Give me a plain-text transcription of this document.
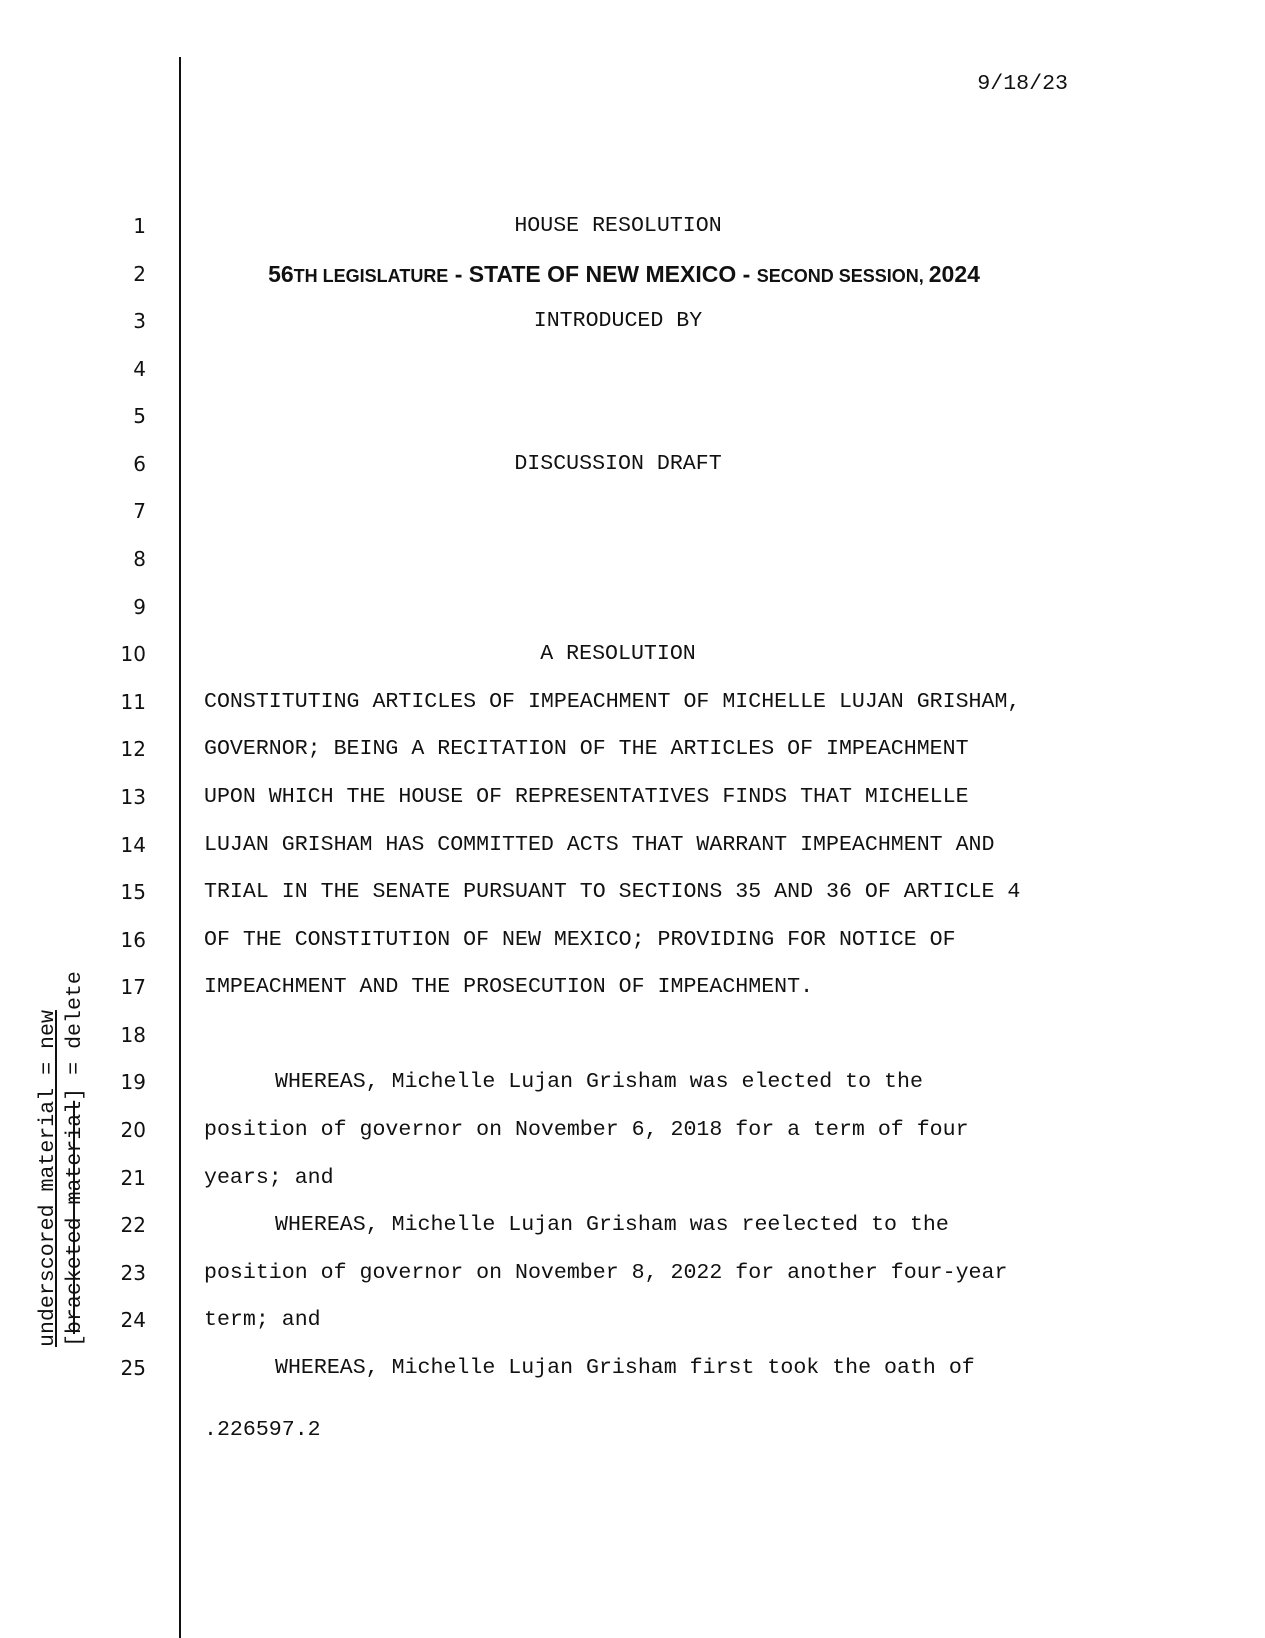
9/18/23
underscored material = new [bracketed material] = delete
1	HOUSE RESOLUTION
2	56TH LEGISLATURE - STATE OF NEW MEXICO - SECOND SESSION, 2024
3	INTRODUCED BY
4
5
6	DISCUSSION DRAFT
7
8
9
10	A RESOLUTION
11	CONSTITUTING ARTICLES OF IMPEACHMENT OF MICHELLE LUJAN GRISHAM,
12	GOVERNOR; BEING A RECITATION OF THE ARTICLES OF IMPEACHMENT
13	UPON WHICH THE HOUSE OF REPRESENTATIVES FINDS THAT MICHELLE
14	LUJAN GRISHAM HAS COMMITTED ACTS THAT WARRANT IMPEACHMENT AND
15	TRIAL IN THE SENATE PURSUANT TO SECTIONS 35 AND 36 OF ARTICLE 4
16	OF THE CONSTITUTION OF NEW MEXICO; PROVIDING FOR NOTICE OF
17	IMPEACHMENT AND THE PROSECUTION OF IMPEACHMENT.
18
19	WHEREAS, Michelle Lujan Grisham was elected to the
20	position of governor on November 6, 2018 for a term of four
21	years; and
22	WHEREAS, Michelle Lujan Grisham was reelected to the
23	position of governor on November 8, 2022 for another four-year
24	term; and
25	WHEREAS, Michelle Lujan Grisham first took the oath of
.226597.2
